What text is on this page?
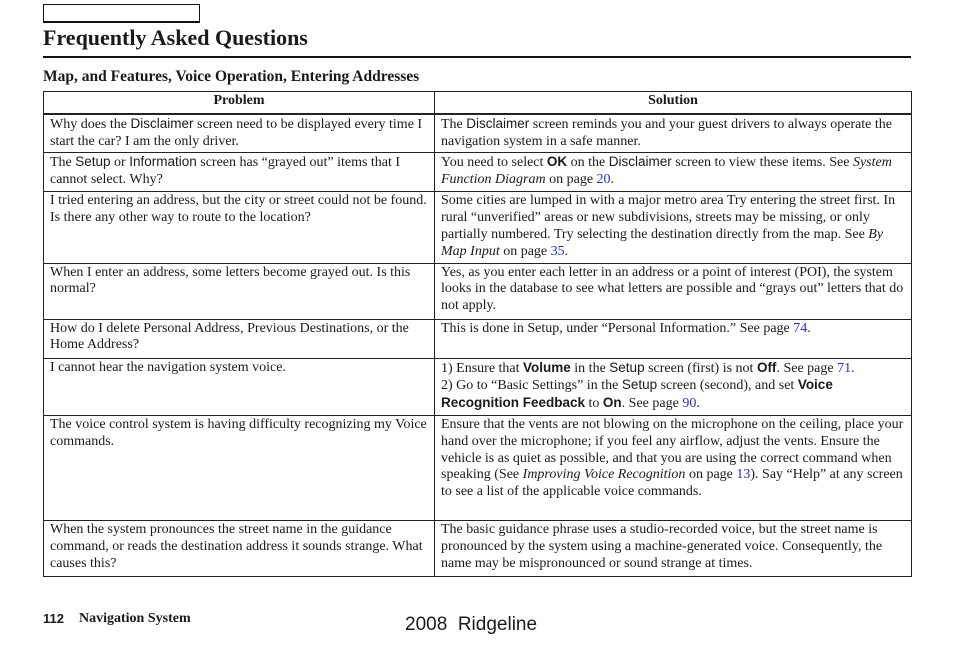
Frequently Asked Questions
Map, and Features, Voice Operation, Entering Addresses
Problem	Solution
Why does the Disclaimer screen need to be displayed every time I start the car? I am the only driver.	The Disclaimer screen reminds you and your guest drivers to always operate the navigation system in a safe manner.
The Setup or Information screen has “grayed out” items that I cannot select. Why?	You need to select OK on the Disclaimer screen to view these items. See System Function Diagram on page 20.
I tried entering an address, but the city or street could not be found. Is there any other way to route to the location?	Some cities are lumped in with a major metro area Try entering the street first. In rural “unverified” areas or new subdivisions, streets may be missing, or only partially numbered. Try selecting the destination directly from the map. See By Map Input on page 35.
When I enter an address, some letters become grayed out. Is this normal?	Yes, as you enter each letter in an address or a point of interest (POI), the system looks in the database to see what letters are possible and “grays out” letters that do not apply.
How do I delete Personal Address, Previous Destinations, or the Home Address?	This is done in Setup, under “Personal Information.” See page 74.
I cannot hear the navigation system voice.	1) Ensure that Volume in the Setup screen (first) is not Off. See page 71.
2) Go to “Basic Settings” in the Setup screen (second), and set Voice Recognition Feedback to On. See page 90.

The voice control system is having difficulty recognizing my Voice commands.	Ensure that the vents are not blowing on the microphone on the ceiling, place your hand over the microphone; if you feel any airflow, adjust the vents. Ensure the vehicle is as quiet as possible, and that you are using the correct command when speaking (See Improving Voice Recognition on page 13). Say “Help” at any screen to see a list of the applicable voice commands.
When the system pronounces the street name in the guidance command, or reads the destination address it sounds strange. What causes this?	The basic guidance phrase uses a studio-recorded voice, but the street name is pronounced by the system using a machine-generated voice. Consequently, the name may be mispronounced or sound strange at times.
112 Navigation System	2008  Ridgeline
